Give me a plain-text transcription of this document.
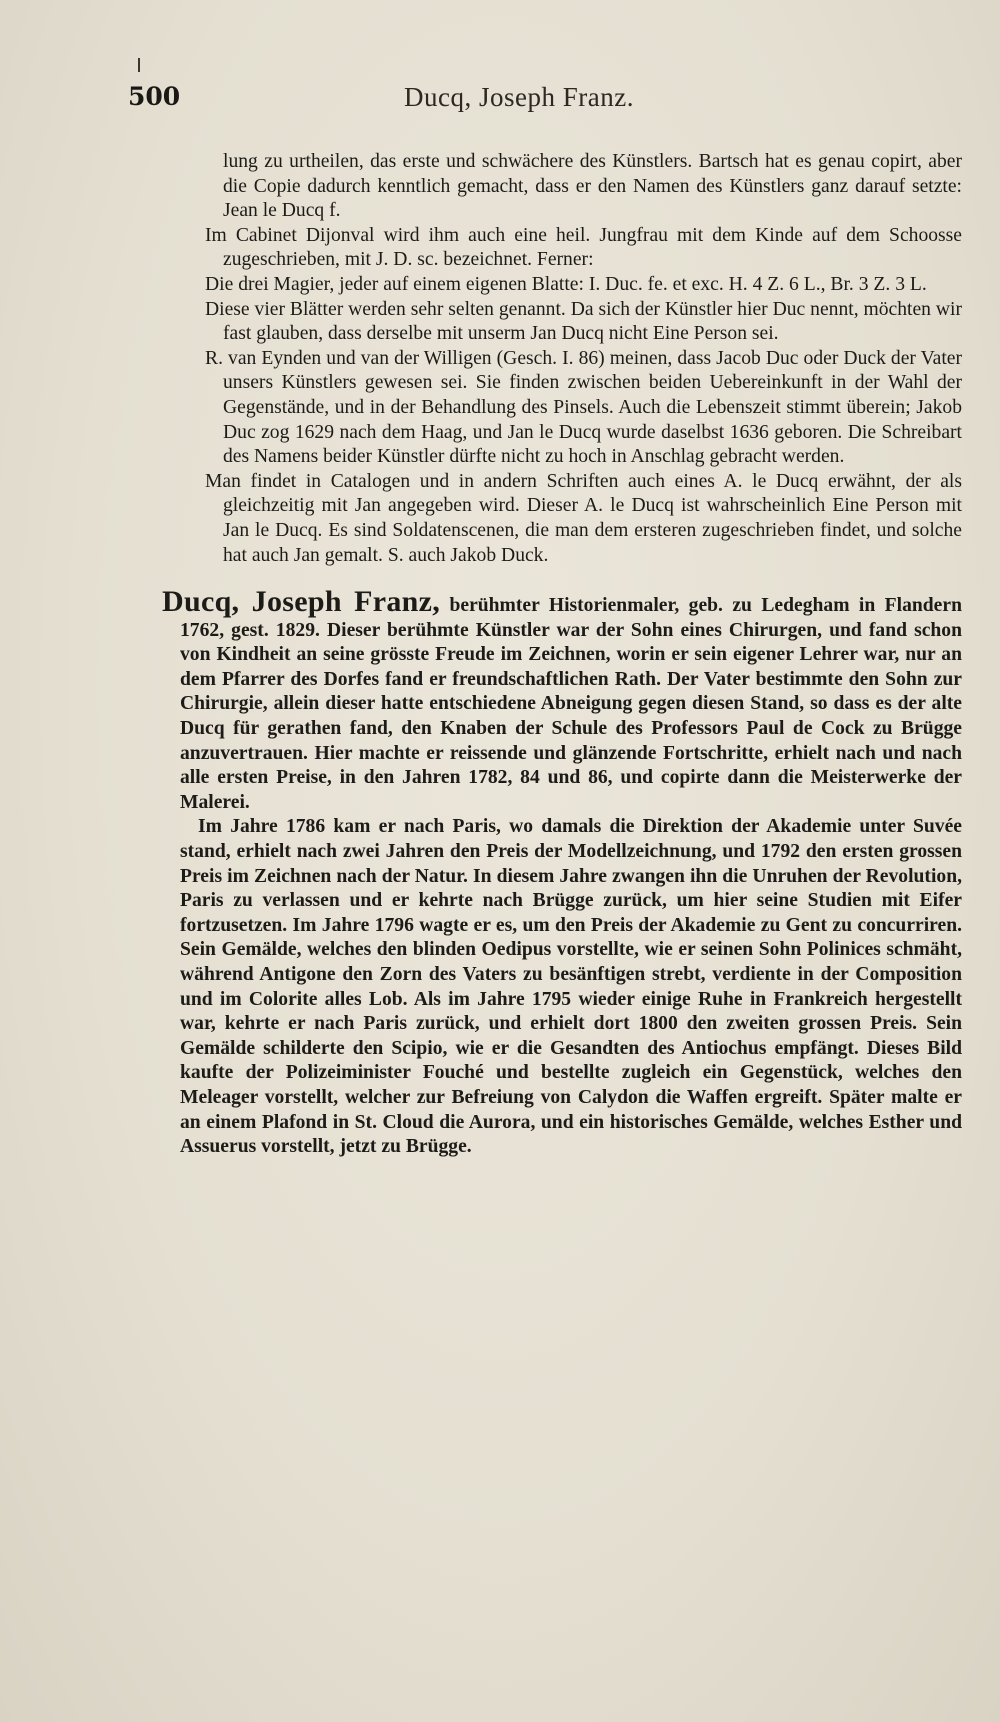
500	Ducq, Joseph Franz.

lung zu urtheilen, das erste und schwächere des Künstlers. Bartsch hat es genau copirt, aber die Copie dadurch kenntlich gemacht, dass er den Namen des Künstlers ganz darauf setzte: Jean le Ducq f.

Im Cabinet Dijonval wird ihm auch eine heil. Jungfrau mit dem Kinde auf dem Schoosse zugeschrieben, mit J. D. sc. bezeichnet. Ferner:

Die drei Magier, jeder auf einem eigenen Blatte: I. Duc. fe. et exc. H. 4 Z. 6 L., Br. 3 Z. 3 L.

Diese vier Blätter werden sehr selten genannt. Da sich der Künstler hier Duc nennt, möchten wir fast glauben, dass derselbe mit unserm Jan Ducq nicht Eine Person sei.

R. van Eynden und van der Willigen (Gesch. I. 86) meinen, dass Jacob Duc oder Duck der Vater unsers Künstlers gewesen sei. Sie finden zwischen beiden Uebereinkunft in der Wahl der Gegenstände, und in der Behandlung des Pinsels. Auch die Lebenszeit stimmt überein; Jakob Duc zog 1629 nach dem Haag, und Jan le Ducq wurde daselbst 1636 geboren. Die Schreibart des Namens beider Künstler dürfte nicht zu hoch in Anschlag gebracht werden.

Man findet in Catalogen und in andern Schriften auch eines A. le Ducq erwähnt, der als gleichzeitig mit Jan angegeben wird. Dieser A. le Ducq ist wahrscheinlich Eine Person mit Jan le Ducq. Es sind Soldatenscenen, die man dem ersteren zugeschrieben findet, und solche hat auch Jan gemalt. S. auch Jakob Duck.

Ducq, Joseph Franz, berühmter Historienmaler, geb. zu Ledegham in Flandern 1762, gest. 1829. Dieser berühmte Künstler war der Sohn eines Chirurgen, und fand schon von Kindheit an seine grösste Freude im Zeichnen, worin er sein eigener Lehrer war, nur an dem Pfarrer des Dorfes fand er freundschaftlichen Rath. Der Vater bestimmte den Sohn zur Chirurgie, allein dieser hatte entschiedene Abneigung gegen diesen Stand, so dass es der alte Ducq für gerathen fand, den Knaben der Schule des Professors Paul de Cock zu Brügge anzuvertrauen. Hier machte er reissende und glänzende Fortschritte, erhielt nach und nach alle ersten Preise, in den Jahren 1782, 84 und 86, und copirte dann die Meisterwerke der Malerei.

Im Jahre 1786 kam er nach Paris, wo damals die Direktion der Akademie unter Suvée stand, erhielt nach zwei Jahren den Preis der Modellzeichnung, und 1792 den ersten grossen Preis im Zeichnen nach der Natur. In diesem Jahre zwangen ihn die Unruhen der Revolution, Paris zu verlassen und er kehrte nach Brügge zurück, um hier seine Studien mit Eifer fortzusetzen. Im Jahre 1796 wagte er es, um den Preis der Akademie zu Gent zu concurriren. Sein Gemälde, welches den blinden Oedipus vorstellte, wie er seinen Sohn Polinices schmäht, während Antigone den Zorn des Vaters zu besänftigen strebt, verdiente in der Composition und im Colorite alles Lob. Als im Jahre 1795 wieder einige Ruhe in Frankreich hergestellt war, kehrte er nach Paris zurück, und erhielt dort 1800 den zweiten grossen Preis. Sein Gemälde schilderte den Scipio, wie er die Gesandten des Antiochus empfängt. Dieses Bild kaufte der Polizeiminister Fouché und bestellte zugleich ein Gegenstück, welches den Meleager vorstellt, welcher zur Befreiung von Calydon die Waffen ergreift. Später malte er an einem Plafond in St. Cloud die Aurora, und ein historisches Gemälde, welches Esther und Assuerus vorstellt, jetzt zu Brügge.
